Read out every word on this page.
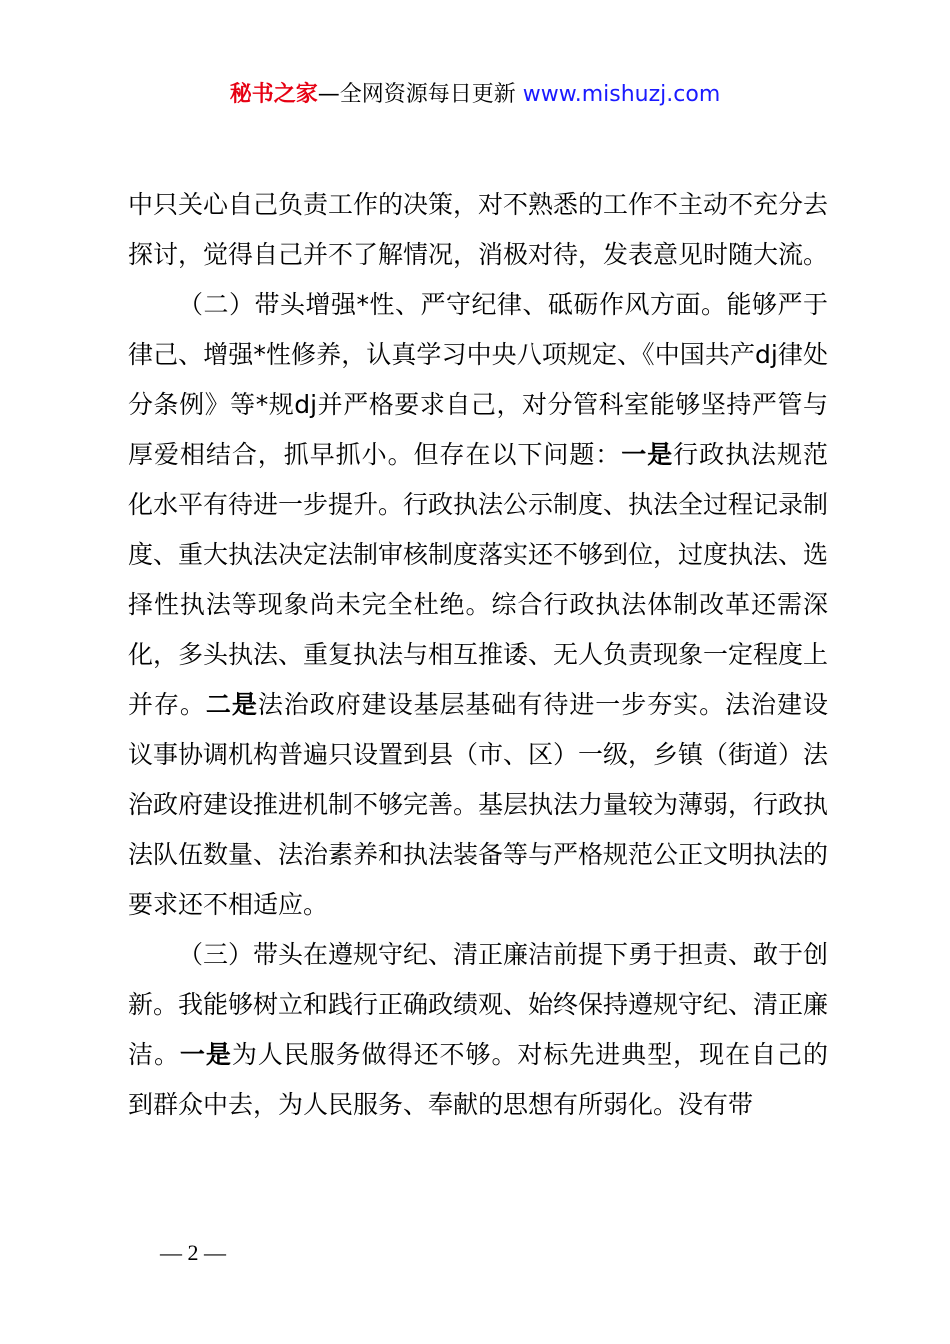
秘书之家—全网资源每日更新 www.mishuzj.com

中只关心自己负责工作的决策，对不熟悉的工作不主动不充分去探讨，觉得自己并不了解情况，消极对待，发表意见时随大流。

（二）带头增强*性、严守纪律、砥砺作风方面。能够严于律己、增强*性修养，认真学习中央八项规定、《中国共产dj律处分条例》等*规dj并严格要求自己，对分管科室能够坚持严管与厚爱相结合，抓早抓小。但存在以下问题：一是行政执法规范化水平有待进一步提升。行政执法公示制度、执法全过程记录制度、重大执法决定法制审核制度落实还不够到位，过度执法、选择性执法等现象尚未完全杜绝。综合行政执法体制改革还需深化，多头执法、重复执法与相互推诿、无人负责现象一定程度上并存。二是法治政府建设基层基础有待进一步夯实。法治建设议事协调机构普遍只设置到县（市、区）一级，乡镇（街道）法治政府建设推进机制不够完善。基层执法力量较为薄弱，行政执法队伍数量、法治素养和执法装备等与严格规范公正文明执法的要求还不相适应。

（三）带头在遵规守纪、清正廉洁前提下勇于担责、敢于创新。我能够树立和践行正确政绩观、始终保持遵规守纪、清正廉洁。一是为人民服务做得还不够。对标先进典型，现在自己的到群众中去，为人民服务、奉献的思想有所弱化。没有带

— 2 —
